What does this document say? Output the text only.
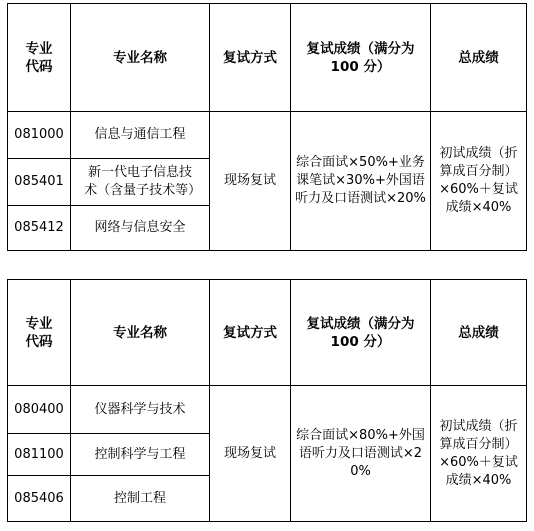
专业代码	专业名称	复试方式	复试成绩（满分为 100 分）	总成绩
081000	信息与通信工程	现场复试	综合面试×50%+业务课笔试×30%+外国语听力及口语测试×20%	初试成绩（折算成百分制）×60%＋复试成绩×40%
085401	新一代电子信息技术（含量子技术等）			
085412	网络与信息安全			
专业代码	专业名称	复试方式	复试成绩（满分为 100 分）	总成绩
080400	仪器科学与技术	现场复试	综合面试×80%+外国语听力及口语测试×20%	初试成绩（折算成百分制）×60%＋复试成绩×40%
081100	控制科学与工程			
085406	控制工程			
